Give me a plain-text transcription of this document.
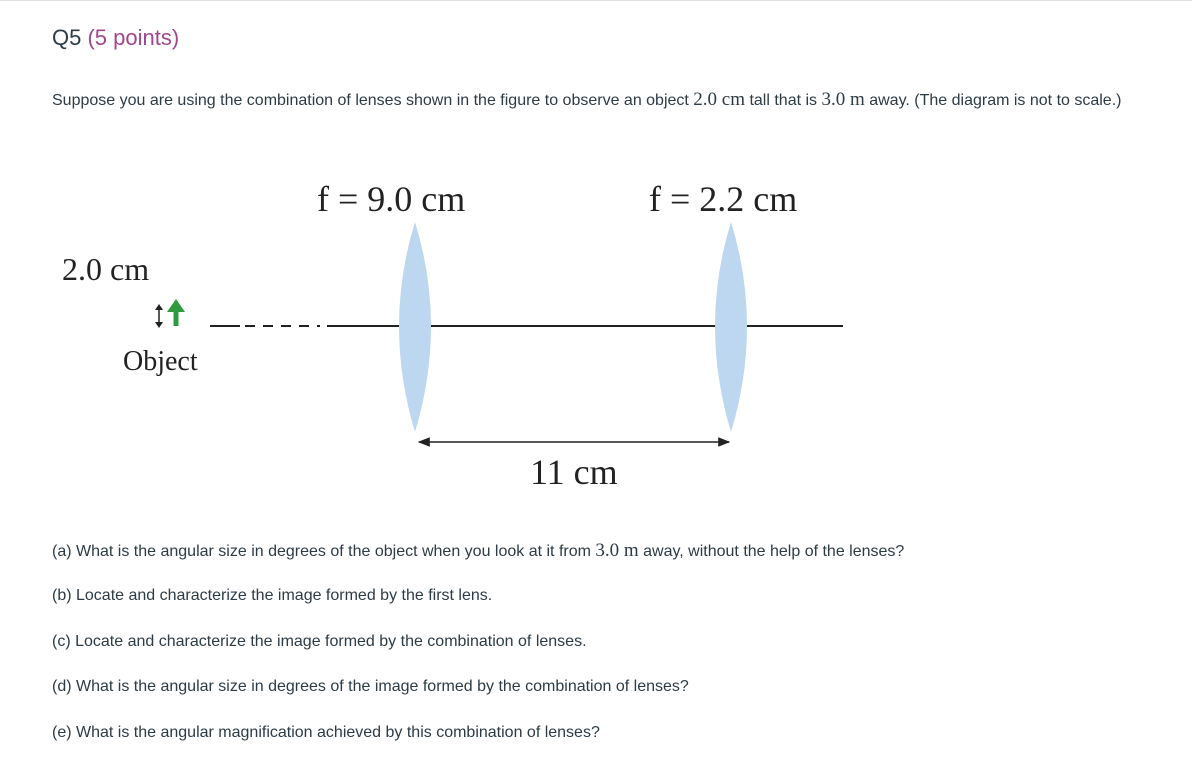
Q5 (5 points)
Suppose you are using the combination of lenses shown in the figure to observe an object 2.0 cm tall that is 3.0 m away. (The diagram is not to scale.)
f = 9.0 cm	f = 2.2 cm
2.0 cm
Object
11 cm
(a) What is the angular size in degrees of the object when you look at it from 3.0 m away, without the help of the lenses?
(b) Locate and characterize the image formed by the first lens.
(c) Locate and characterize the image formed by the combination of lenses.
(d) What is the angular size in degrees of the image formed by the combination of lenses?
(e) What is the angular magnification achieved by this combination of lenses?
